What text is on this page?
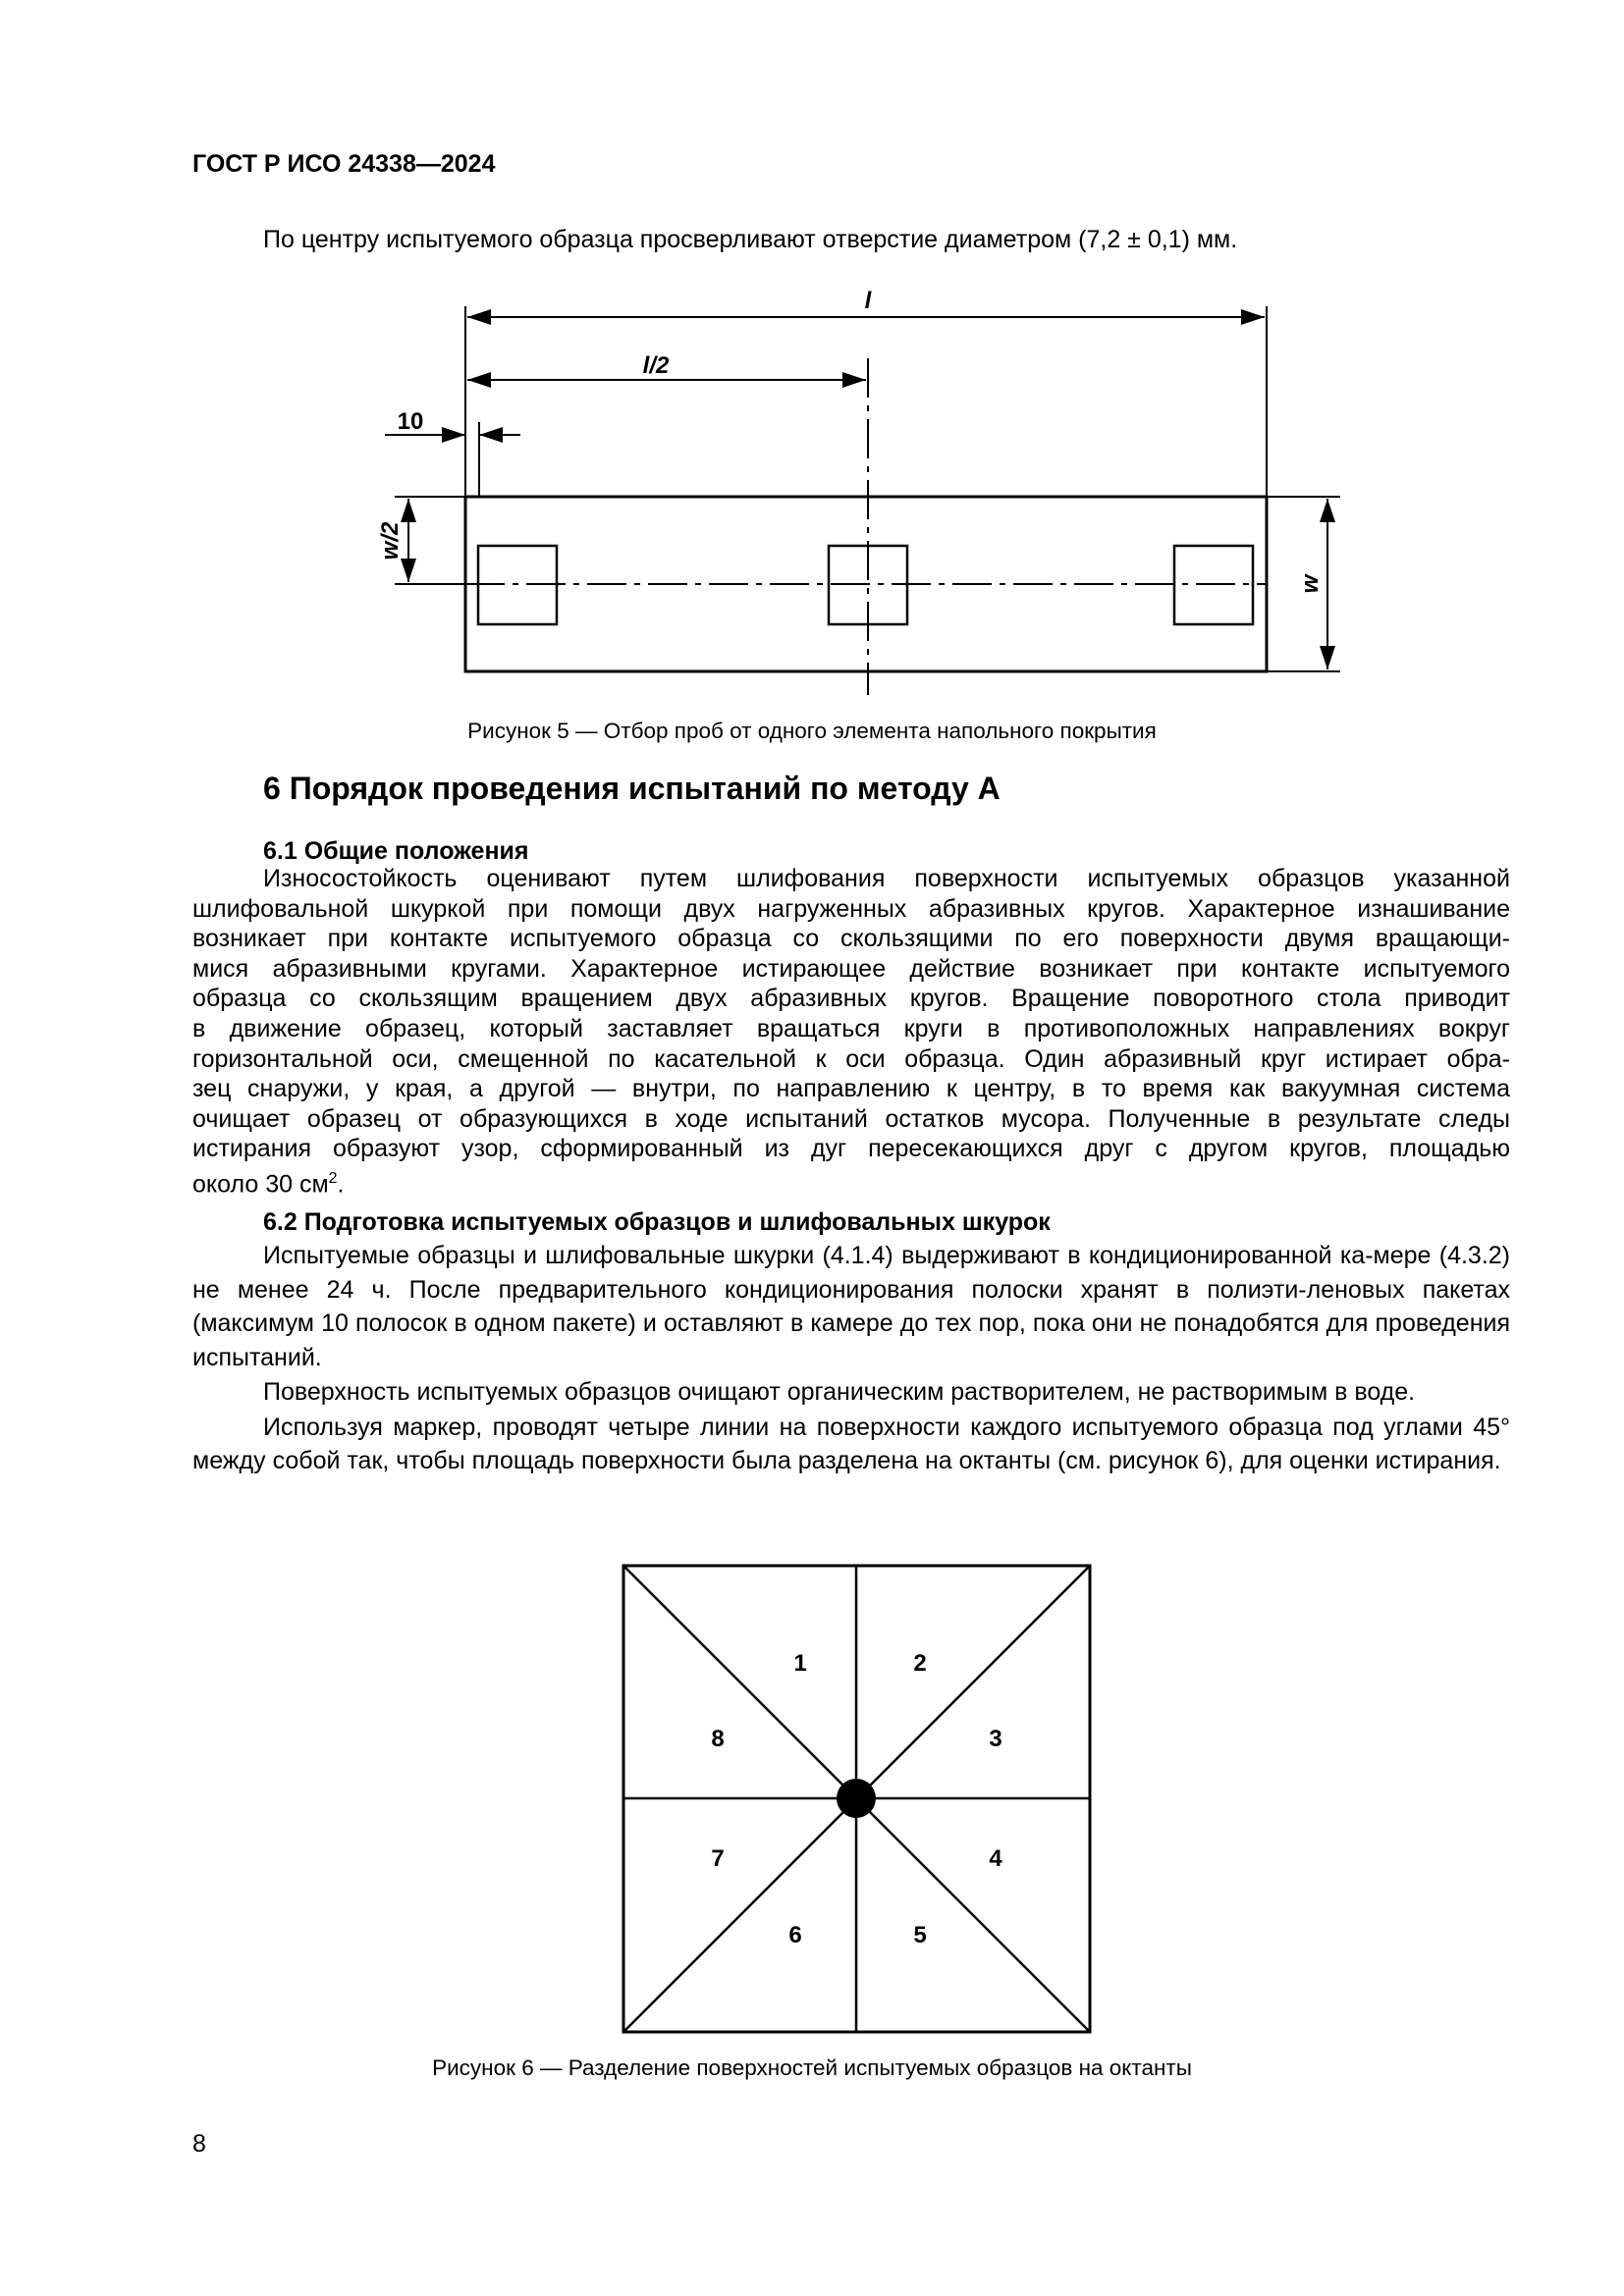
ГОСТ Р ИСО 24338—2024
По центру испытуемого образца просверливают отверстие диаметром (7,2 ± 0,1) мм.
l
l/2
10
w/2
w
Рисунок 5 — Отбор проб от одного элемента напольного покрытия
6 Порядок проведения испытаний по методу А
6.1 Общие положения
Износостойкость оценивают путем шлифования поверхности испытуемых образцов указанной
шлифовальной шкуркой при помощи двух нагруженных абразивных кругов. Характерное изнашивание
возникает при контакте испытуемого образца со скользящими по его поверхности двумя вращающи-
мися абразивными кругами. Характерное истирающее действие возникает при контакте испытуемого
образца со скользящим вращением двух абразивных кругов. Вращение поворотного стола приводит
в движение образец, который заставляет вращаться круги в противоположных направлениях вокруг
горизонтальной оси, смещенной по касательной к оси образца. Один абразивный круг истирает обра-
зец снаружи, у края, а другой — внутри, по направлению к центру, в то время как вакуумная система
очищает образец от образующихся в ходе испытаний остатков мусора. Полученные в результате следы
истирания образуют узор, сформированный из дуг пересекающихся друг с другом кругов, площадью
около 30 $см^2$.
6.2 Подготовка испытуемых образцов и шлифовальных шкурок

Испытуемые образцы и шлифовальные шкурки (4.1.4) выдерживают в кондиционированной ка-мере (4.3.2) не менее 24 ч. После предварительного кондиционирования полоски хранят в полиэти-леновых пакетах (максимум 10 полосок в одном пакете) и оставляют в камере до тех пор, пока они не понадобятся для проведения испытаний.

Поверхность испытуемых образцов очищают органическим растворителем, не растворимым в воде.

Используя маркер, проводят четыре линии на поверхности каждого испытуемого образца под углами 45° между собой так, чтобы площадь поверхности была разделена на октанты (см. рисунок 6), для оценки истирания.

1	2
3
4
5
6
7
8
Рисунок 6 — Разделение поверхностей испытуемых образцов на октанты
8
